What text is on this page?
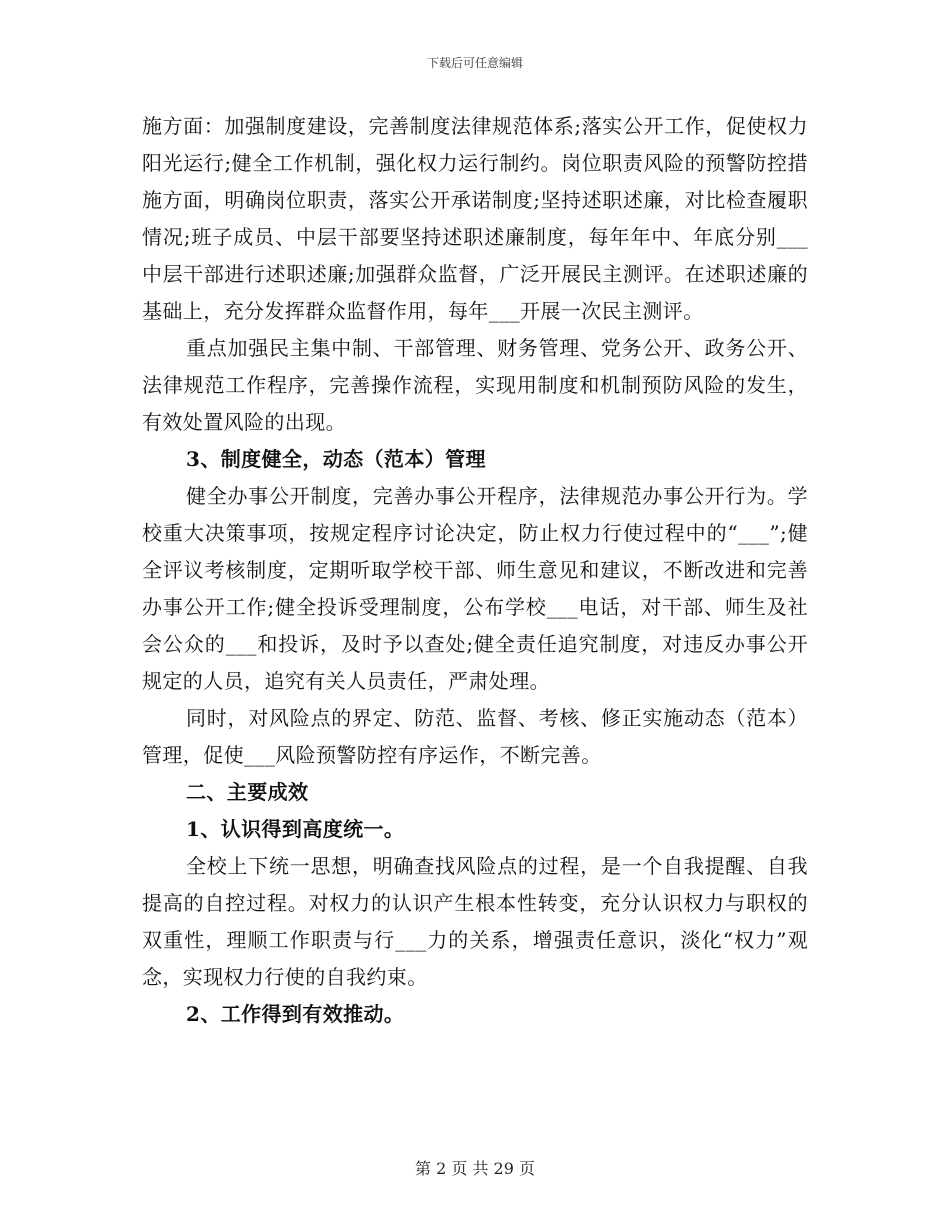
下载后可任意编辑

施方面：加强制度建设，完善制度法律规范体系;落实公开工作，促使权力阳光运行;健全工作机制，强化权力运行制约。岗位职责风险的预警防控措施方面，明确岗位职责，落实公开承诺制度;坚持述职述廉，对比检查履职情况;班子成员、中层干部要坚持述职述廉制度，每年年中、年底分别___中层干部进行述职述廉;加强群众监督，广泛开展民主测评。在述职述廉的基础上，充分发挥群众监督作用，每年___开展一次民主测评。

重点加强民主集中制、干部管理、财务管理、党务公开、政务公开、法律规范工作程序，完善操作流程，实现用制度和机制预防风险的发生，有效处置风险的出现。

3、制度健全，动态（范本）管理

健全办事公开制度，完善办事公开程序，法律规范办事公开行为。学校重大决策事项，按规定程序讨论决定，防止权力行使过程中的“___”;健全评议考核制度，定期听取学校干部、师生意见和建议，不断改进和完善办事公开工作;健全投诉受理制度，公布学校___电话，对干部、师生及社会公众的___和投诉，及时予以查处;健全责任追究制度，对违反办事公开规定的人员，追究有关人员责任，严肃处理。

同时，对风险点的界定、防范、监督、考核、修正实施动态（范本）管理，促使___风险预警防控有序运作，不断完善。

二、主要成效

1、认识得到高度统一。

全校上下统一思想，明确查找风险点的过程，是一个自我提醒、自我提高的自控过程。对权力的认识产生根本性转变，充分认识权力与职权的双重性，理顺工作职责与行___力的关系，增强责任意识，淡化“权力”观念，实现权力行使的自我约束。

2、工作得到有效推动。

第 2 页 共 29 页
